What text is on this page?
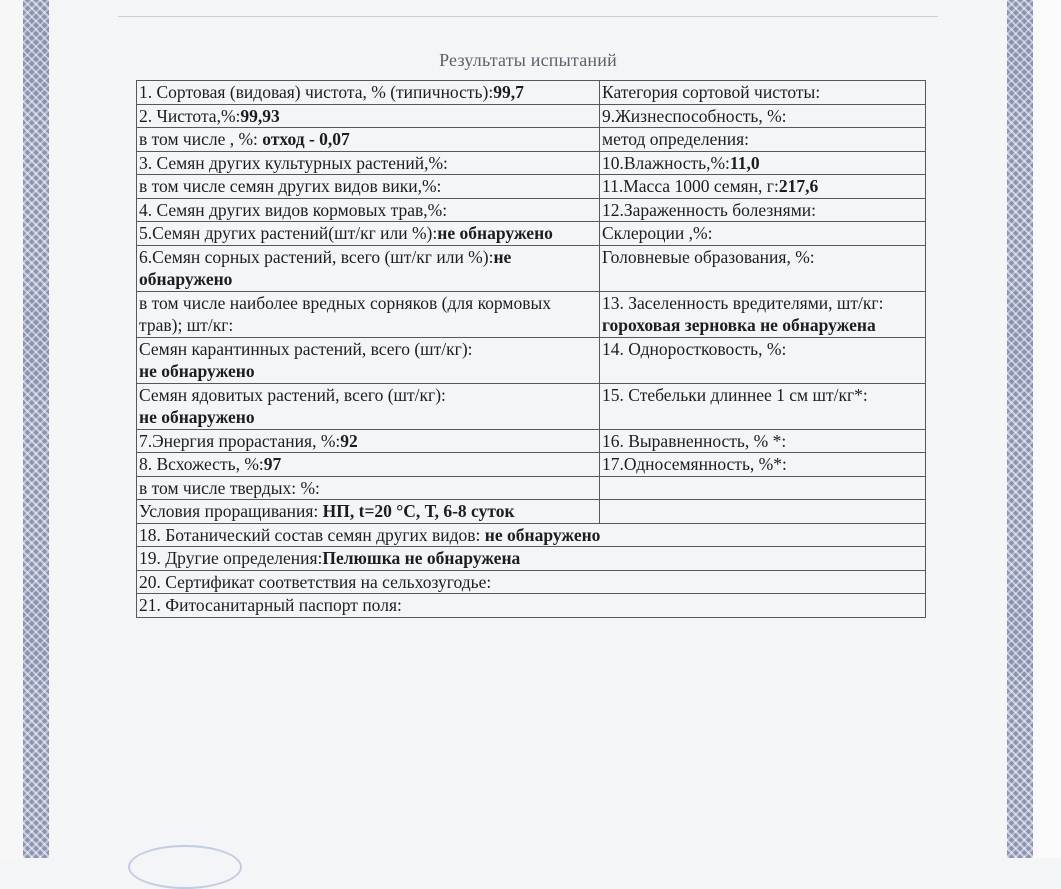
Результаты испытаний
1. Сортовая (видовая) чистота, % (типичность):99,7	Категория сортовой чистоты:
2. Чистота,%:99,93	9.Жизнеспособность, %:
в том числе , %: отход - 0,07	метод определения:
3. Семян других культурных растений,%:	10.Влажность,%:11,0
в том числе семян других видов вики,%:	11.Масса 1000 семян, г:217,6
4. Семян других видов кормовых трав,%:	12.Зараженность болезнями:
5.Семян других растений(шт/кг или %):не обнаружено	Склероции ,%:
6.Семян сорных растений, всего (шт/кг или %):не обнаружено	Головневые образования, %:
в том числе наиболее вредных сорняков (для кормовых трав); шт/кг:	13. Заселенность вредителями, шт/кг:
гороховая зерновка не обнаружена
Семян карантинных растений, всего (шт/кг):
не обнаружено	14. Одноростковость, %:
Семян ядовитых растений, всего (шт/кг):
не обнаружено	15. Стебельки длиннее 1 см шт/кг*:
7.Энергия прорастания, %:92	16. Выравненность, % *:
8. Всхожесть, %:97	17.Односемянность, %*:
в том числе твердых: %:	
Условия проращивания: НП, t=20 °С, Т, 6-8 суток	
18. Ботанический состав семян других видов: не обнаружено	
19. Другие определения:Пелюшка не обнаружена	
20. Сертификат соответствия на сельхозугодье:	
21. Фитосанитарный паспорт поля:	
